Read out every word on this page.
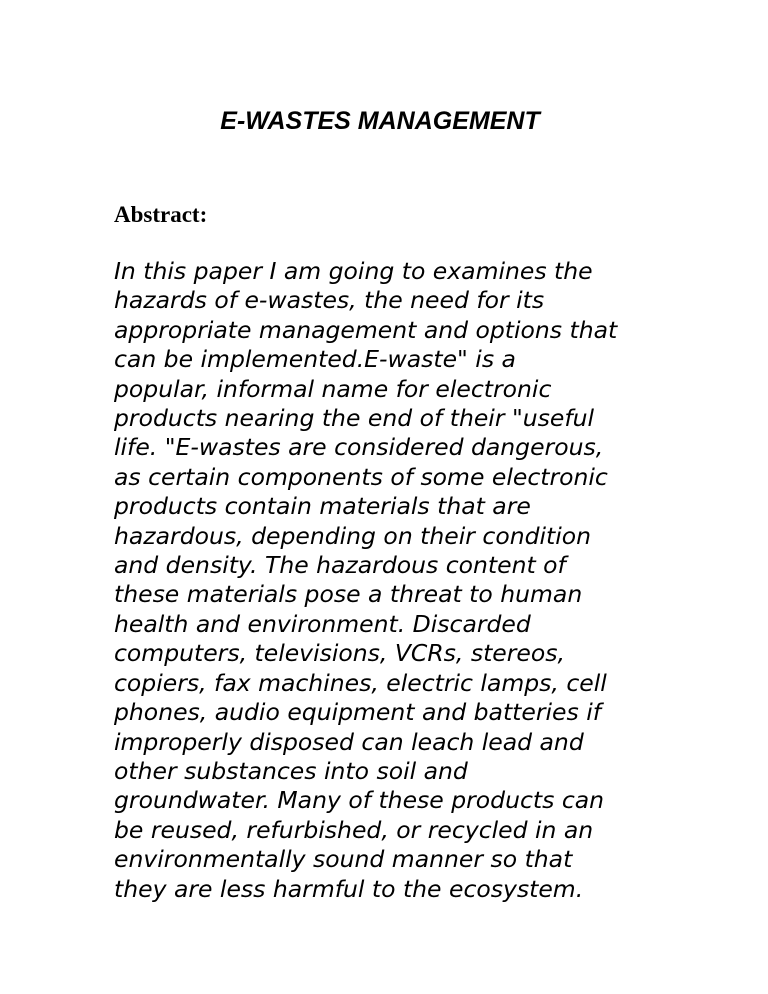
E-WASTES MANAGEMENT
Abstract:

In this paper I am going to examines the
hazards of e-wastes, the need for its
appropriate management and options that
can be implemented.E-waste" is a
popular, informal name for electronic
products nearing the end of their "useful
life. "E-wastes are considered dangerous,
as certain components of some electronic
products contain materials that are
hazardous, depending on their condition
and density. The hazardous content of
these materials pose a threat to human
health and environment. Discarded
computers, televisions, VCRs, stereos,
copiers, fax machines, electric lamps, cell
phones, audio equipment and batteries if
improperly disposed can leach lead and
other substances into soil and
groundwater. Many of these products can
be reused, refurbished, or recycled in an
environmentally sound manner so that
they are less harmful to the ecosystem.
